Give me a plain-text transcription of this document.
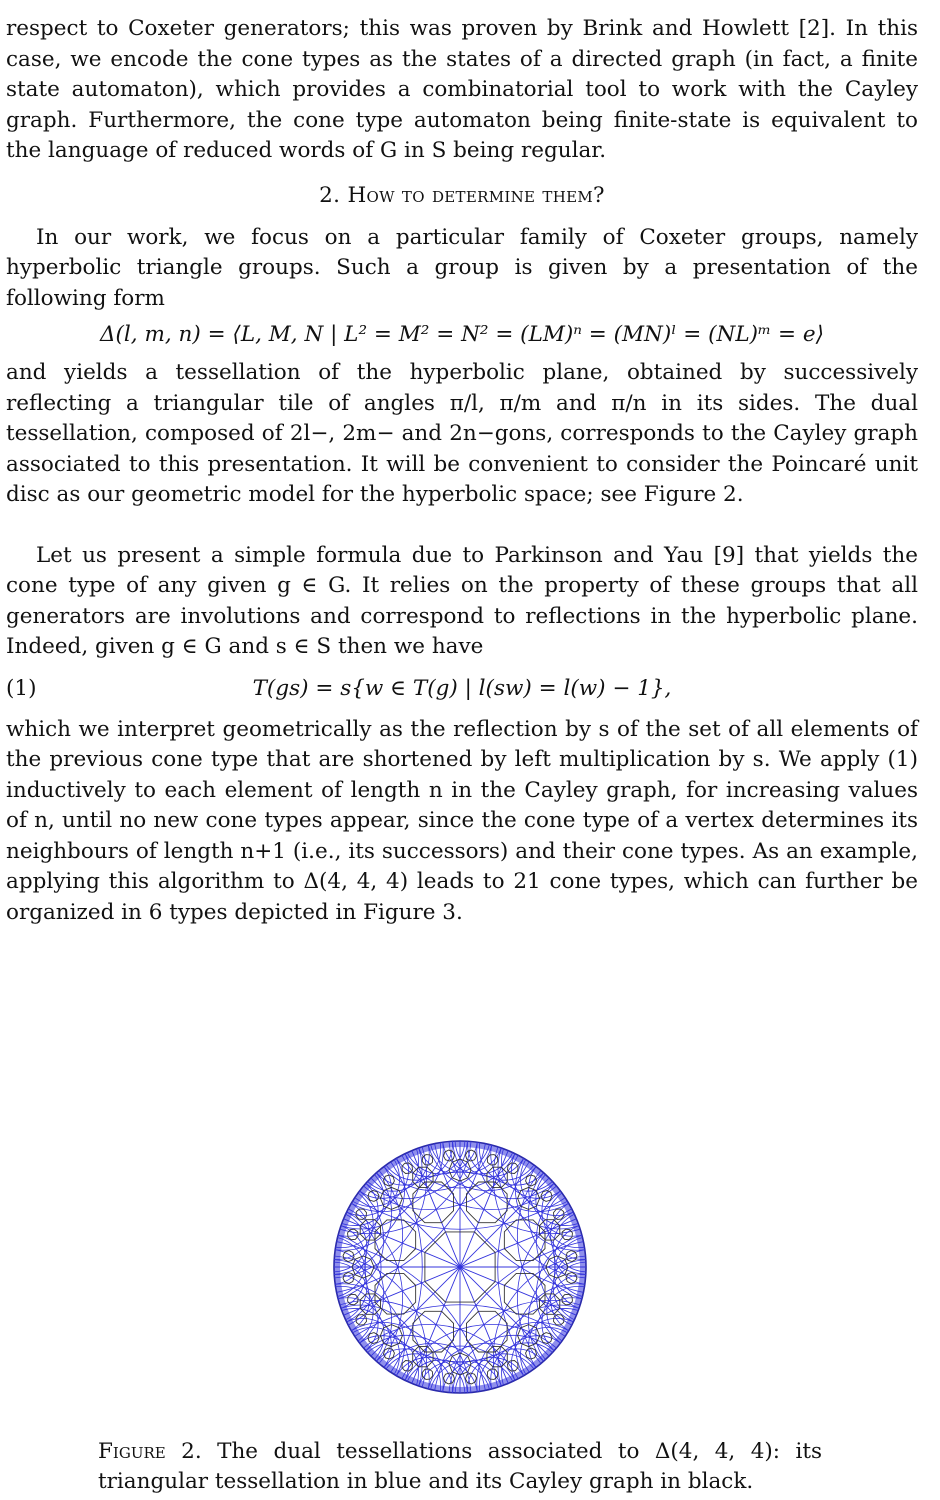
respect to Coxeter generators; this was proven by Brink and Howlett [2]. In this case, we encode the cone types as the states of a directed graph (in fact, a finite state automaton), which provides a combinatorial tool to work with the Cayley graph. Furthermore, the cone type automaton being finite-state is equivalent to the language of reduced words of G in S being regular.

2. How to determine them?

In our work, we focus on a particular family of Coxeter groups, namely hyperbolic triangle groups. Such a group is given by a presentation of the following form

Δ(l, m, n) = ⟨L, M, N | L² = M² = N² = (LM)ⁿ = (MN)ˡ = (NL)ᵐ = e⟩

and yields a tessellation of the hyperbolic plane, obtained by successively reflecting a triangular tile of angles π/l, π/m and π/n in its sides. The dual tessellation, composed of 2l−, 2m− and 2n−gons, corresponds to the Cayley graph associated to this presentation. It will be convenient to consider the Poincaré unit disc as our geometric model for the hyperbolic space; see Figure 2.

Let us present a simple formula due to Parkinson and Yau [9] that yields the cone type of any given g ∈ G. It relies on the property of these groups that all generators are involutions and correspond to reflections in the hyperbolic plane. Indeed, given g ∈ G and s ∈ S then we have

(1)	T(gs) = s{w ∈ T(g) | l(sw) = l(w) − 1},

which we interpret geometrically as the reflection by s of the set of all elements of the previous cone type that are shortened by left multiplication by s. We apply (1) inductively to each element of length n in the Cayley graph, for increasing values of n, until no new cone types appear, since the cone type of a vertex determines its neighbours of length n+1 (i.e., its successors) and their cone types. As an example, applying this algorithm to Δ(4, 4, 4) leads to 21 cone types, which can further be organized in 6 types depicted in Figure 3.

Figure 2. The dual tessellations associated to Δ(4, 4, 4): its triangular tessellation in blue and its Cayley graph in black.
